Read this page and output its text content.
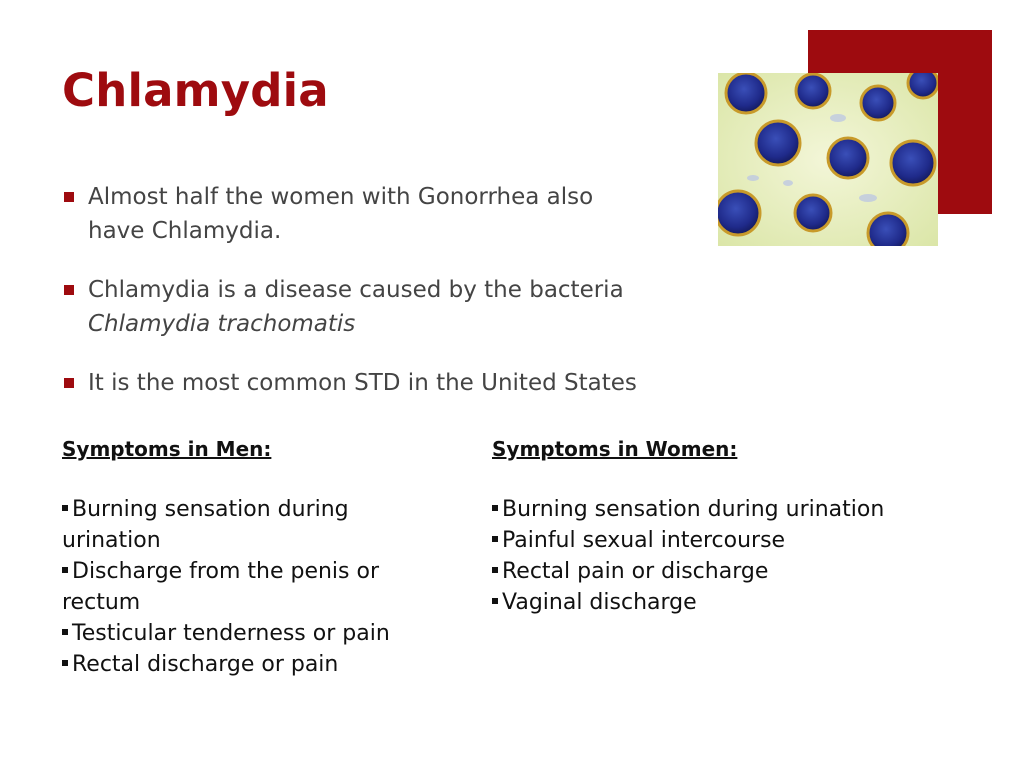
Chlamydia
Almost half the women with Gonorrhea also
have Chlamydia.
Chlamydia is a disease caused by the bacteria
Chlamydia trachomatis
It is the most common STD in the United States

Symptoms in Men:

Burning sensation during
urination

Discharge from the penis or
rectum

Testicular tenderness or pain

Rectal discharge or pain

Symptoms in Women:

Burning sensation during urination

Painful sexual intercourse

Rectal pain or discharge

Vaginal discharge
